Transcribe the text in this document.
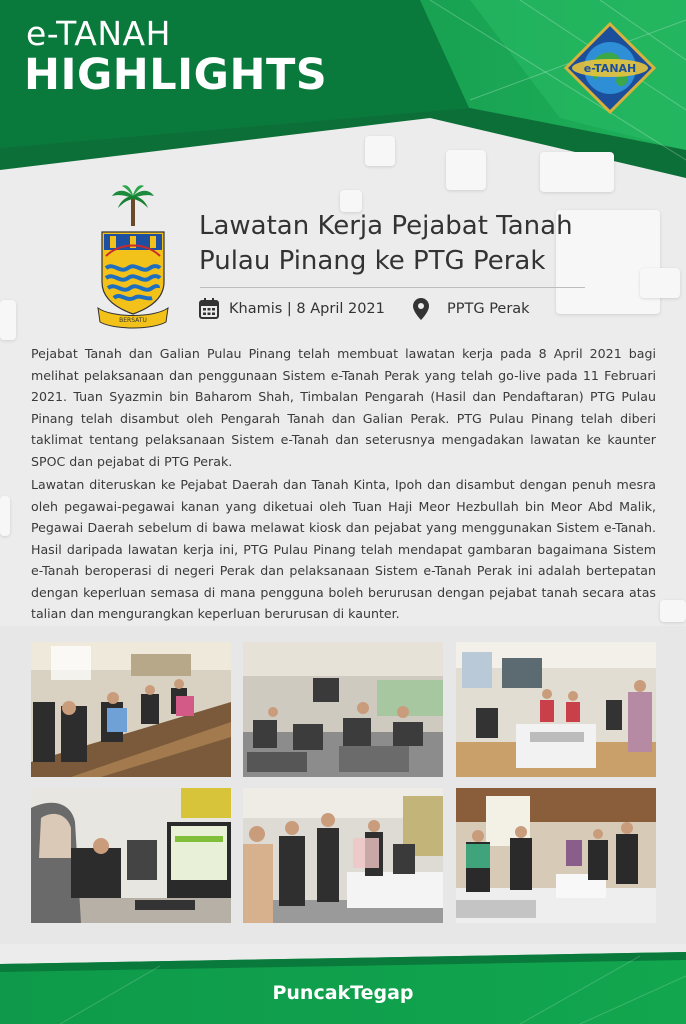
e-TANAH
HIGHLIGHTS	e-TANAH
BERSATU
Lawatan Kerja Pejabat Tanah
Pulau Pinang ke PTG Perak
Khamis | 8 April 2021	PPTG Perak
Pejabat Tanah dan Galian Pulau Pinang telah membuat lawatan kerja pada 8 April 2021 bagi melihat pelaksanaan dan penggunaan Sistem e-Tanah Perak yang telah go-live pada 11 Februari 2021. Tuan Syazmin bin Baharom Shah, Timbalan Pengarah (Hasil dan Pendaftaran) PTG Pulau Pinang telah disambut oleh Pengarah Tanah dan Galian Perak. PTG Pulau Pinang telah diberi taklimat tentang pelaksanaan Sistem e-Tanah dan seterusnya mengadakan lawatan ke kaunter SPOC dan pejabat di PTG Perak.
Lawatan diteruskan ke Pejabat Daerah dan Tanah Kinta, Ipoh dan disambut dengan penuh mesra oleh pegawai-pegawai kanan yang diketuai oleh Tuan Haji Meor Hezbullah bin Meor Abd Malik, Pegawai Daerah sebelum di bawa melawat kiosk dan pejabat yang menggunakan Sistem e-Tanah. Hasil daripada lawatan kerja ini, PTG Pulau Pinang telah mendapat gambaran bagaimana Sistem e-Tanah beroperasi di negeri Perak dan pelaksanaan Sistem e-Tanah Perak ini adalah bertepatan dengan keperluan semasa di mana pengguna boleh berurusan dengan pejabat tanah secara atas talian dan mengurangkan keperluan berurusan di kaunter.
PuncakTegap
